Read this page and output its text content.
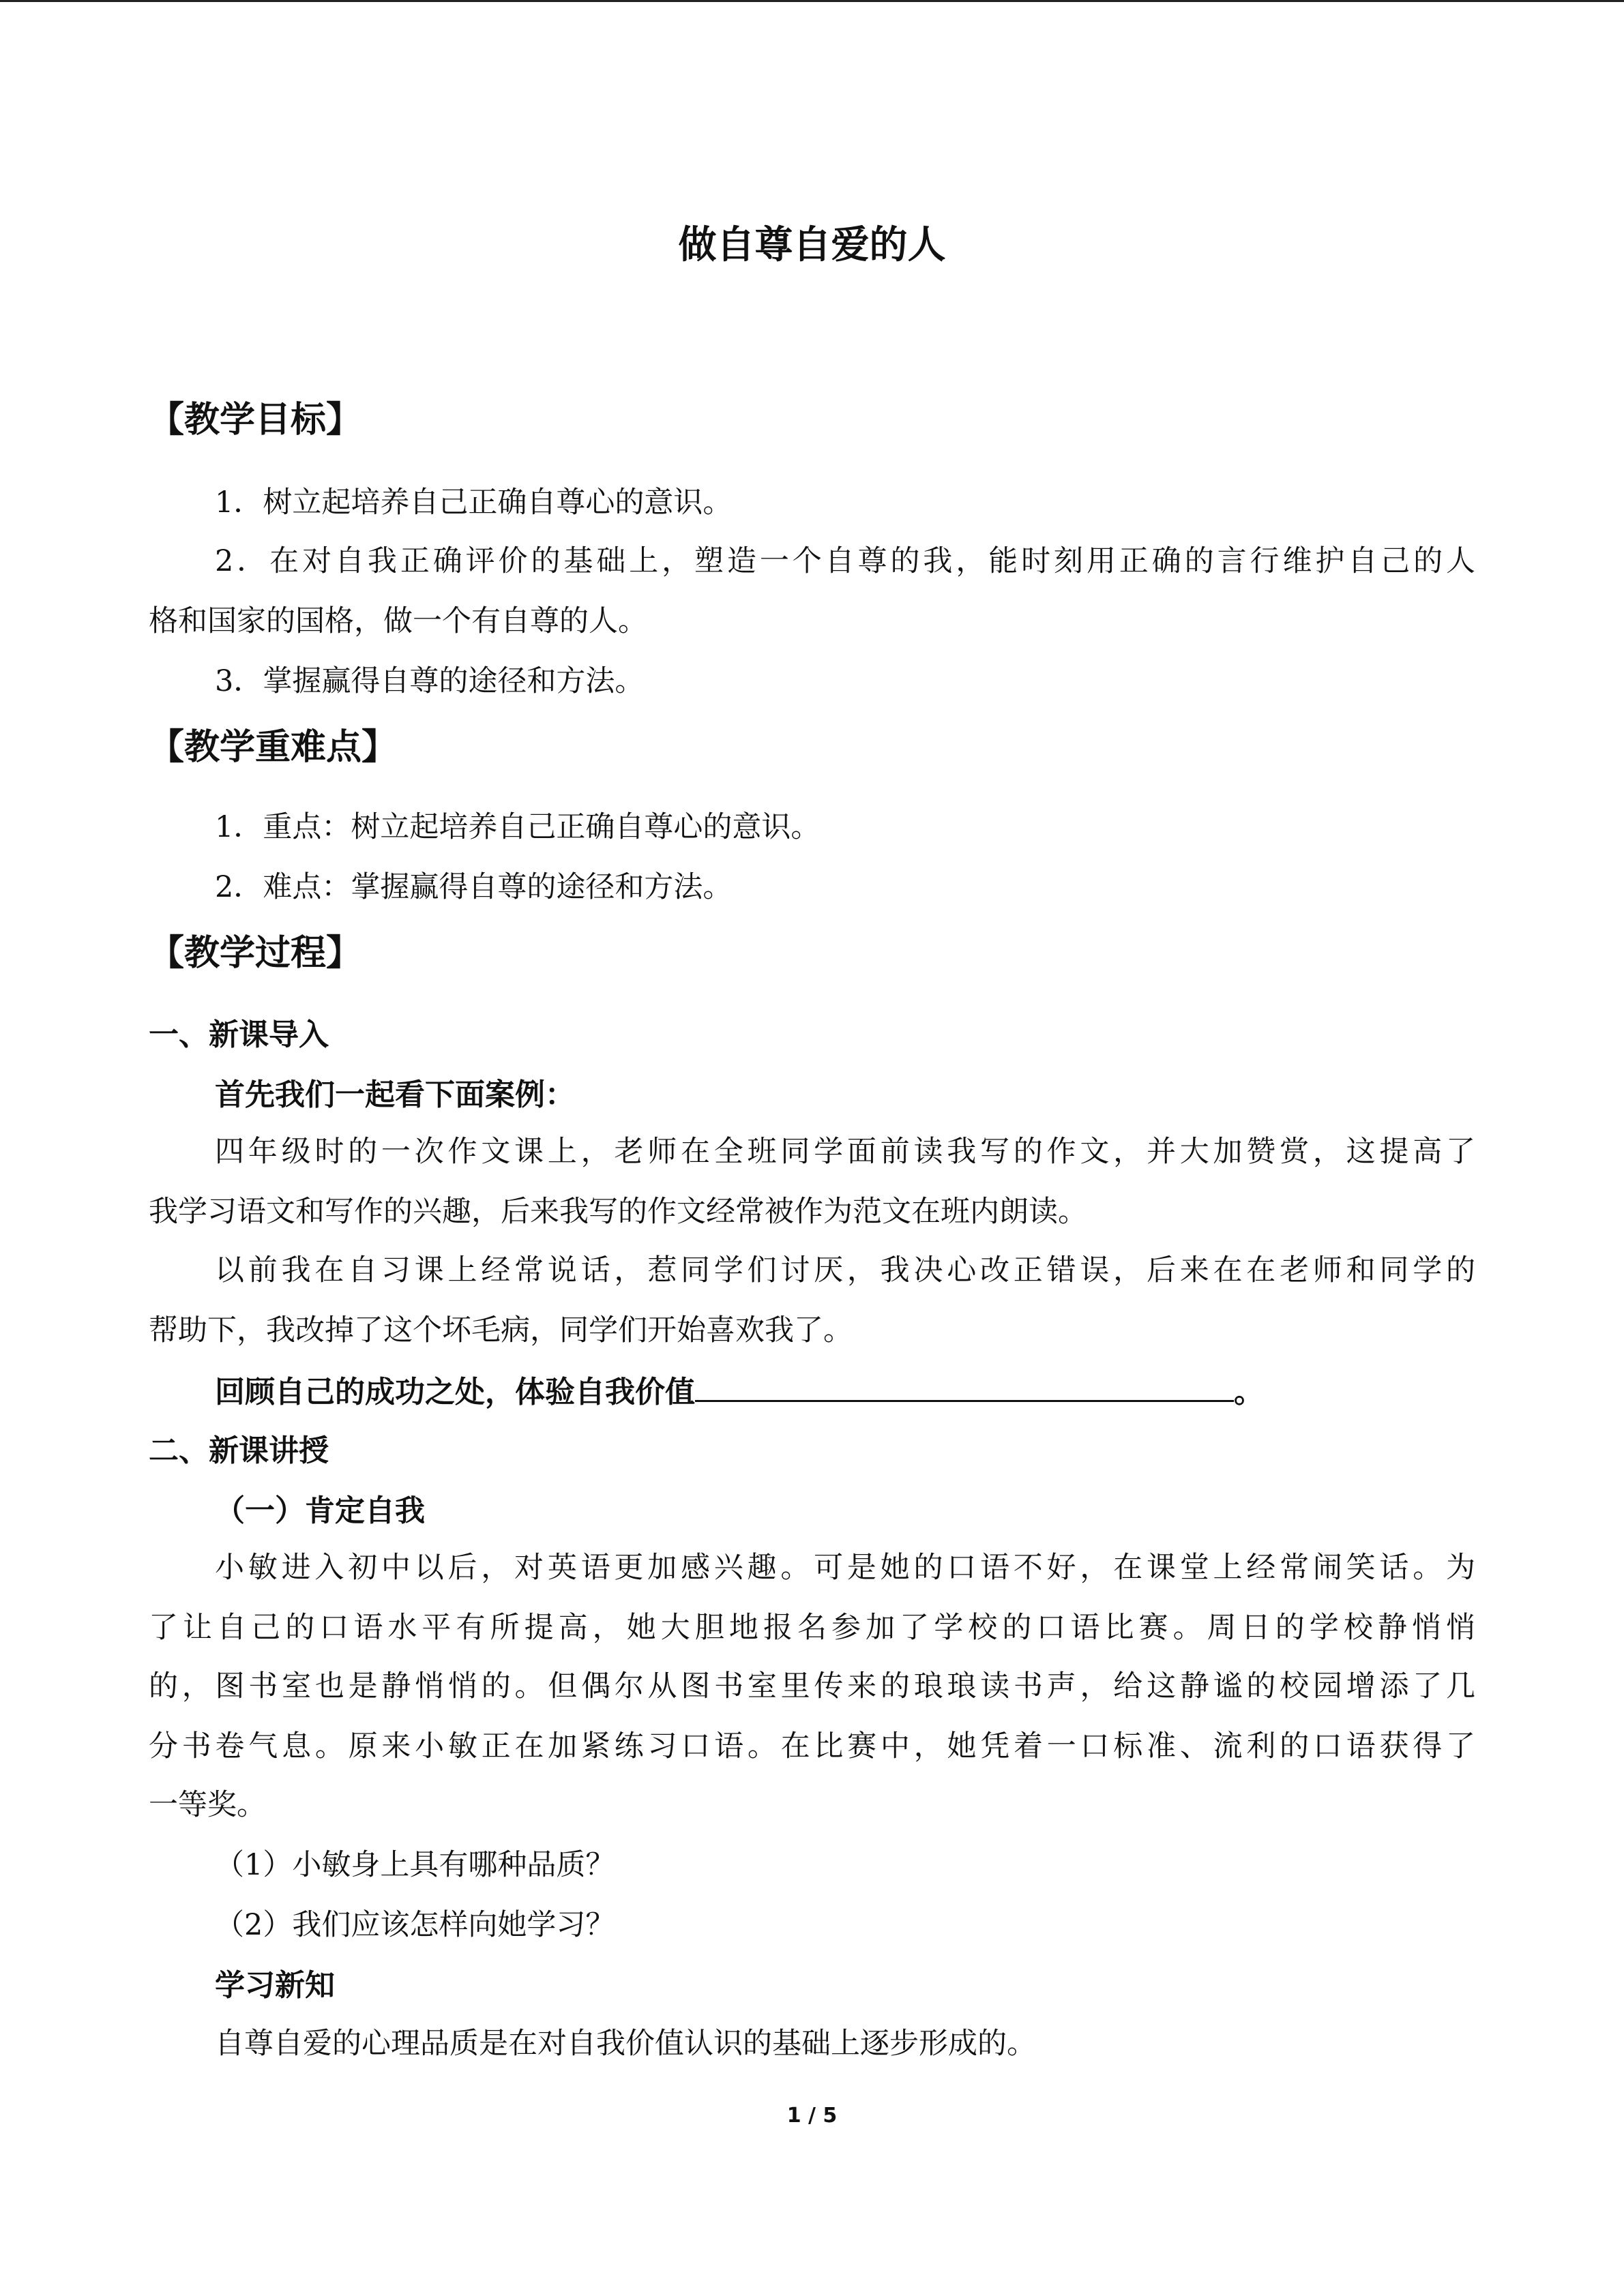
做自尊自爱的人
【教学目标】
1．树立起培养自己正确自尊心的意识。
2．在对自我正确评价的基础上，塑造一个自尊的我，能时刻用正确的言行维护自己的人
格和国家的国格，做一个有自尊的人。
3．掌握赢得自尊的途径和方法。
【教学重难点】
1．重点：树立起培养自己正确自尊心的意识。
2．难点：掌握赢得自尊的途径和方法。
【教学过程】
一、新课导入
首先我们一起看下面案例：
四年级时的一次作文课上，老师在全班同学面前读我写的作文，并大加赞赏，这提高了
我学习语文和写作的兴趣，后来我写的作文经常被作为范文在班内朗读。
以前我在自习课上经常说话，惹同学们讨厌，我决心改正错误，后来在在老师和同学的
帮助下，我改掉了这个坏毛病，同学们开始喜欢我了。
回顾自己的成功之处，体验自我价值	。
二、新课讲授
（一）肯定自我
小敏进入初中以后，对英语更加感兴趣。可是她的口语不好，在课堂上经常闹笑话。为
了让自己的口语水平有所提高，她大胆地报名参加了学校的口语比赛。周日的学校静悄悄
的，图书室也是静悄悄的。但偶尔从图书室里传来的琅琅读书声，给这静谧的校园增添了几
分书卷气息。原来小敏正在加紧练习口语。在比赛中，她凭着一口标准、流利的口语获得了
一等奖。
（1）小敏身上具有哪种品质？
（2）我们应该怎样向她学习？
学习新知
自尊自爱的心理品质是在对自我价值认识的基础上逐步形成的。
1 / 5
